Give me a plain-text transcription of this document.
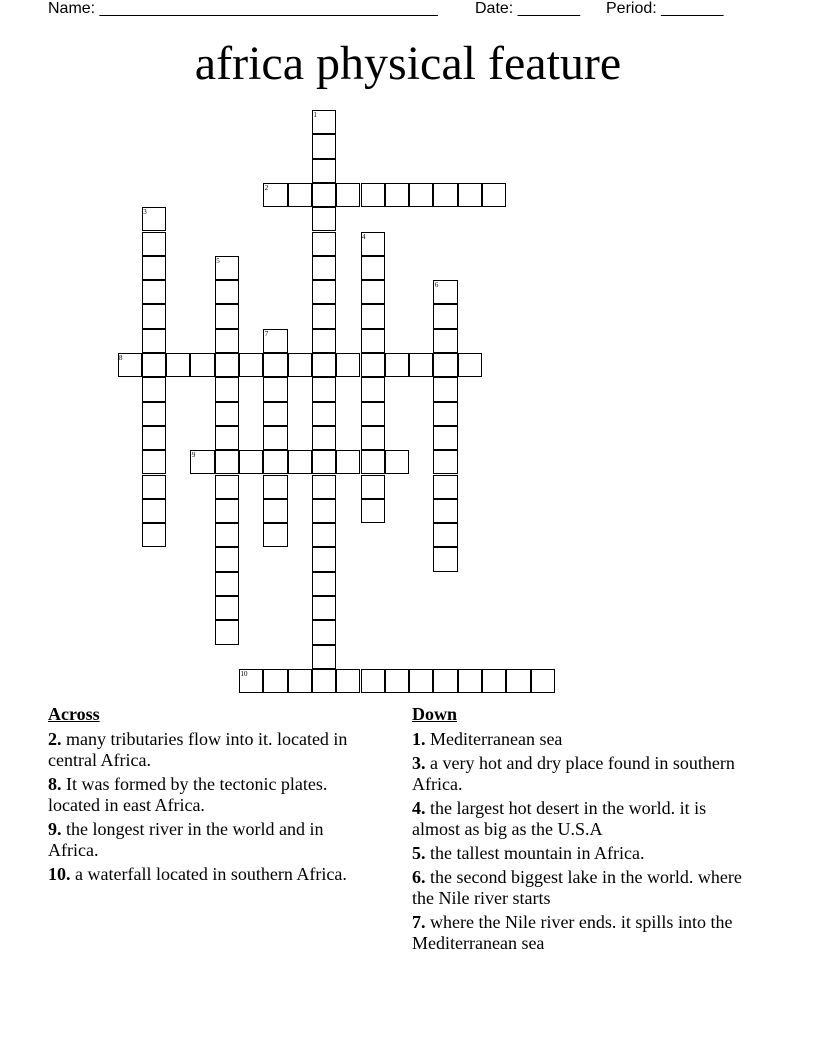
Name: ______________________________________ Date: _______ Period: _______
africa physical feature
1
2
3
4
5
6
7
8
9
10
Across
2. many tributaries flow into it. located in central Africa.
8. It was formed by the tectonic plates. located in east Africa.
9. the longest river in the world and in Africa.
10. a waterfall located in southern Africa.
Down
1. Mediterranean sea
3. a very hot and dry place found in southern Africa.
4. the largest hot desert in the world. it is almost as big as the U.S.A
5. the tallest mountain in Africa.
6. the second biggest lake in the world. where the Nile river starts
7. where the Nile river ends. it spills into the Mediterranean sea
